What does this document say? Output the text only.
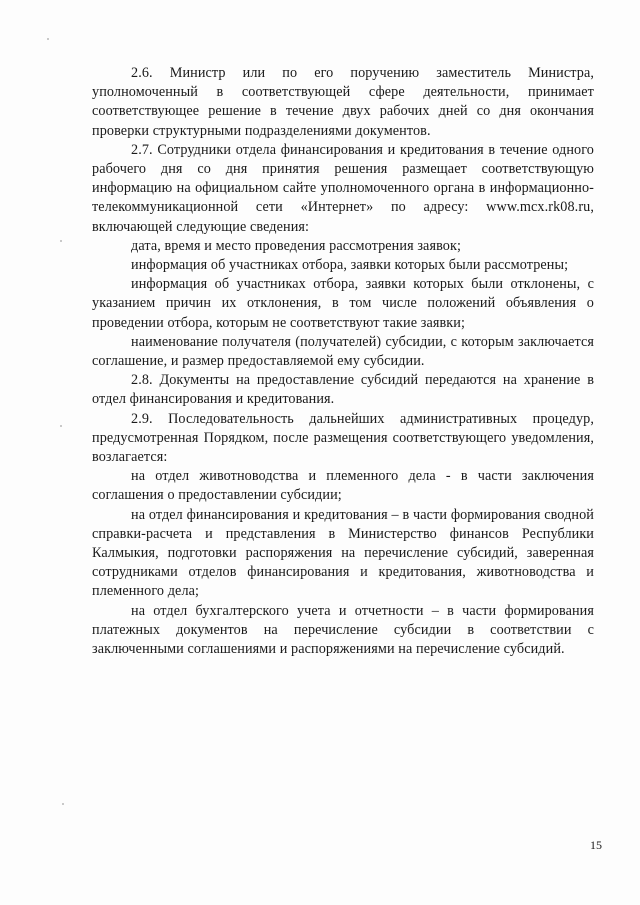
2.6. Министр или по его поручению заместитель Министра, уполномоченный в соответствующей сфере деятельности, принимает соответствующее решение в течение двух рабочих дней со дня окончания проверки структурными подразделениями документов.

2.7. Сотрудники отдела финансирования и кредитования в течение одного рабочего дня со дня принятия решения размещает соответствующую информацию на официальном сайте уполномоченного органа в информационно-телекоммуникационной сети «Интернет» по адресу: www.mcx.rk08.ru, включающей следующие сведения:

дата, время и место проведения рассмотрения заявок;

информация об участниках отбора, заявки которых были рассмотрены;

информация об участниках отбора, заявки которых были отклонены, с указанием причин их отклонения, в том числе положений объявления о проведении отбора, которым не соответствуют такие заявки;

наименование получателя (получателей) субсидии, с которым заключается соглашение, и размер предоставляемой ему субсидии.

2.8. Документы на предоставление субсидий передаются на хранение в отдел финансирования и кредитования.

2.9. Последовательность дальнейших административных процедур, предусмотренная Порядком, после размещения соответствующего уведомления, возлагается:

на отдел животноводства и племенного дела - в части заключения соглашения о предоставлении субсидии;

на отдел финансирования и кредитования – в части формирования сводной справки-расчета и представления в Министерство финансов Республики Калмыкия, подготовки распоряжения на перечисление субсидий, заверенная сотрудниками отделов финансирования и кредитования, животноводства и племенного дела;

на отдел бухгалтерского учета и отчетности – в части формирования платежных документов на перечисление субсидии в соответствии с заключенными соглашениями и распоряжениями на перечисление субсидий.

15
